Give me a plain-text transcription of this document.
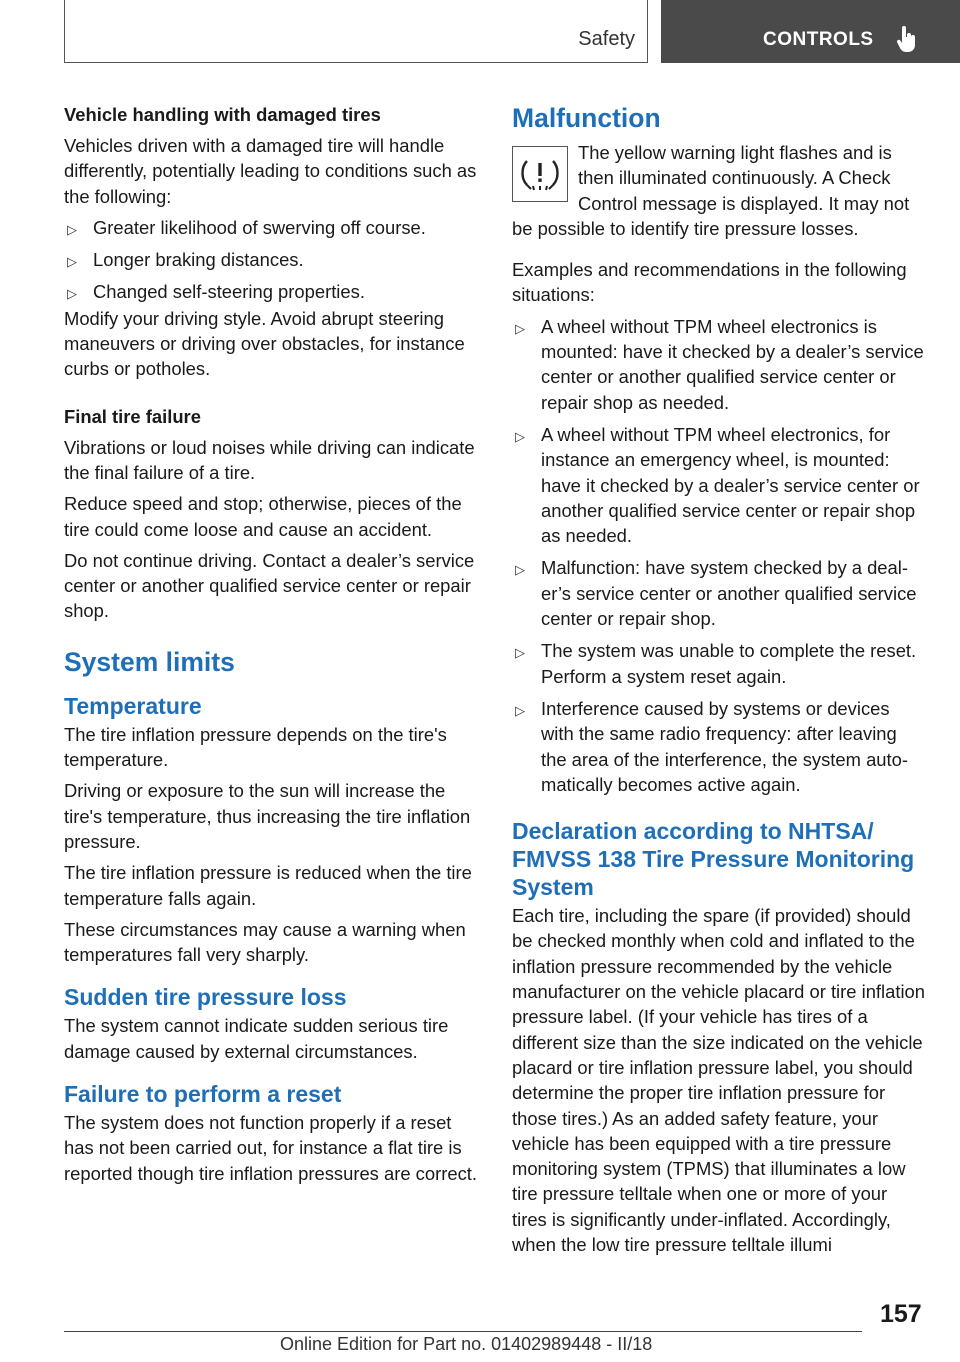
Safety	CONTROLS
Vehicle handling with damaged tires

Vehicles driven with a damaged tire will handle differently, potentially leading to conditions such as the following:

▷ Greater likelihood of swerving off course.
▷ Longer braking distances.
▷ Changed self-steering properties.

Modify your driving style. Avoid abrupt steering maneuvers or driving over obstacles, for instance curbs or potholes.

Final tire failure

Vibrations or loud noises while driving can indicate the final failure of a tire.

Reduce speed and stop; otherwise, pieces of the tire could come loose and cause an accident.

Do not continue driving. Contact a dealer’s service center or another qualified service center or repair shop.

System limits
Temperature

The tire inflation pressure depends on the tire's temperature.

Driving or exposure to the sun will increase the tire's temperature, thus increasing the tire inflation pressure.

The tire inflation pressure is reduced when the tire temperature falls again.

These circumstances may cause a warning when temperatures fall very sharply.

Sudden tire pressure loss

The system cannot indicate sudden serious tire damage caused by external circumstances.

Failure to perform a reset

The system does not function properly if a reset has not been carried out, for instance a flat tire is reported though tire inflation pressures are correct.

Malfunction

The yellow warning light flashes and is then illuminated continuously. A Check Control message is displayed. It may not be possible to identify tire pressure losses.

Examples and recommendations in the following situations:

▷ A wheel without TPM wheel electronics is mounted: have it checked by a dealer’s service center or another qualified service center or repair shop as needed.
▷ A wheel without TPM wheel electronics, for instance an emergency wheel, is mounted: have it checked by a dealer’s service center or another qualified service center or repair shop as needed.
▷ Malfunction: have system checked by a dealer’s service center or another qualified service center or repair shop.
▷ The system was unable to complete the reset. Perform a system reset again.
▷ Interference caused by systems or devices with the same radio frequency: after leaving the area of the interference, the system automatically becomes active again.
Declaration according to NHTSA/ FMVSS 138 Tire Pressure Monitoring System

Each tire, including the spare (if provided) should be checked monthly when cold and inflated to the inflation pressure recommended by the vehicle manufacturer on the vehicle placard or tire inflation pressure label. (If your vehicle has tires of a different size than the size indicated on the vehicle placard or tire inflation pressure label, you should determine the proper tire inflation pressure for those tires.) As an added safety feature, your vehicle has been equipped with a tire pressure monitoring system (TPMS) that illuminates a low tire pressure telltale when one or more of your tires is significantly under-inflated. Accordingly, when the low tire pressure telltale illumi

157
Online Edition for Part no. 01402989448 - II/18
